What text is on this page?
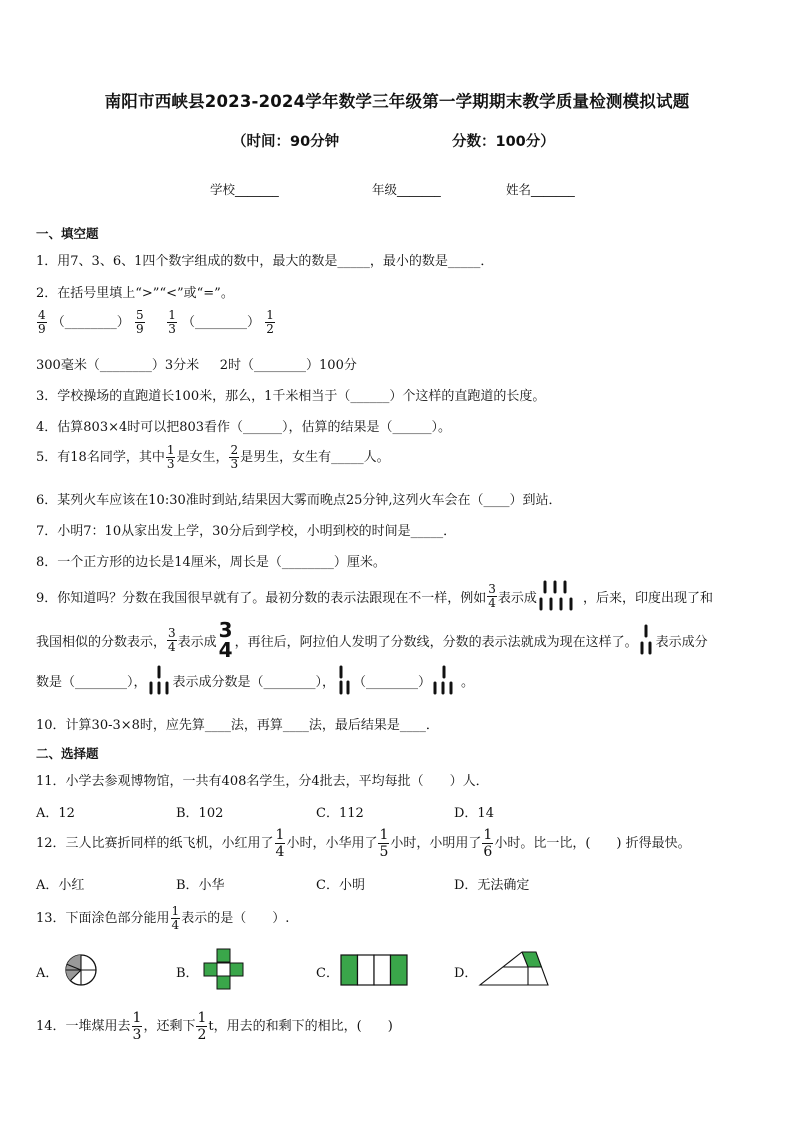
南阳市西峡县2023-2024学年数学三年级第一学期期末教学质量检测模拟试题
（时间：90分钟	分数：100分）
学校_______	年级_______	姓名_______
一、填空题
1．用7、3、6、1四个数字组成的数中，最大的数是_____，最小的数是_____．
2．在括号里填上“>”“<”或“=”。
$\frac{4}{9}$ （________） $\frac{5}{9}$
$\frac{1}{3}$ （________） $\frac{1}{2}$
300毫米（________）3分米 2时（________）100分
3．学校操场的直跑道长100米，那么，1千米相当于（______）个这样的直跑道的长度。
4．估算803×4时可以把803看作（______），估算的结果是（______）。
5．有18名同学，其中 $\frac{1}{3}$ 是女生， $\frac{2}{3}$ 是男生，女生有_____人。
6．某列火车应该在10:30准时到站,结果因大雾而晚点25分钟,这列火车会在（____）到站．
7．小明7：10从家出发上学，30分后到学校，小明到校的时间是_____．
8．一个正方形的边长是14厘米，周长是（________）厘米。
9．你知道吗？分数在我国很早就有了。最初分数的表示法跟现在不一样，例如 $\frac{3}{4}$ 表示成	，后来，印度出现了和
我国相似的分数表示， $\frac{3}{4}$ 表示成 3
4 ，再往后，阿拉伯人发明了分数线，分数的表示法就成为现在这样了。 表示成分
数是（________）， 表示成分数是（________）， （________） 。
10．计算30-3×8时，应先算____法，再算____法，最后结果是____．
二、选择题
11．小学去参观博物馆，一共有408名学生，分4批去，平均每批（　　）人．
A．12	B．102	C．112	D．14
12．三人比赛折同样的纸飞机，小红用了 $\frac{1}{4}$ 小时，小华用了 $\frac{1}{5}$ 小时，小明用了 $\frac{1}{6}$ 小时。比一比，(　　) 折得最快。
A．小红	B．小华	C．小明	D．无法确定
13．下面涂色部分能用 $\frac{1}{4}$ 表示的是（　　）.
A．	B．	C．	D．
14．一堆煤用去 $\frac{1}{3}$ ，还剩下 $\frac{1}{2}$ t，用去的和剩下的相比，(　　)
